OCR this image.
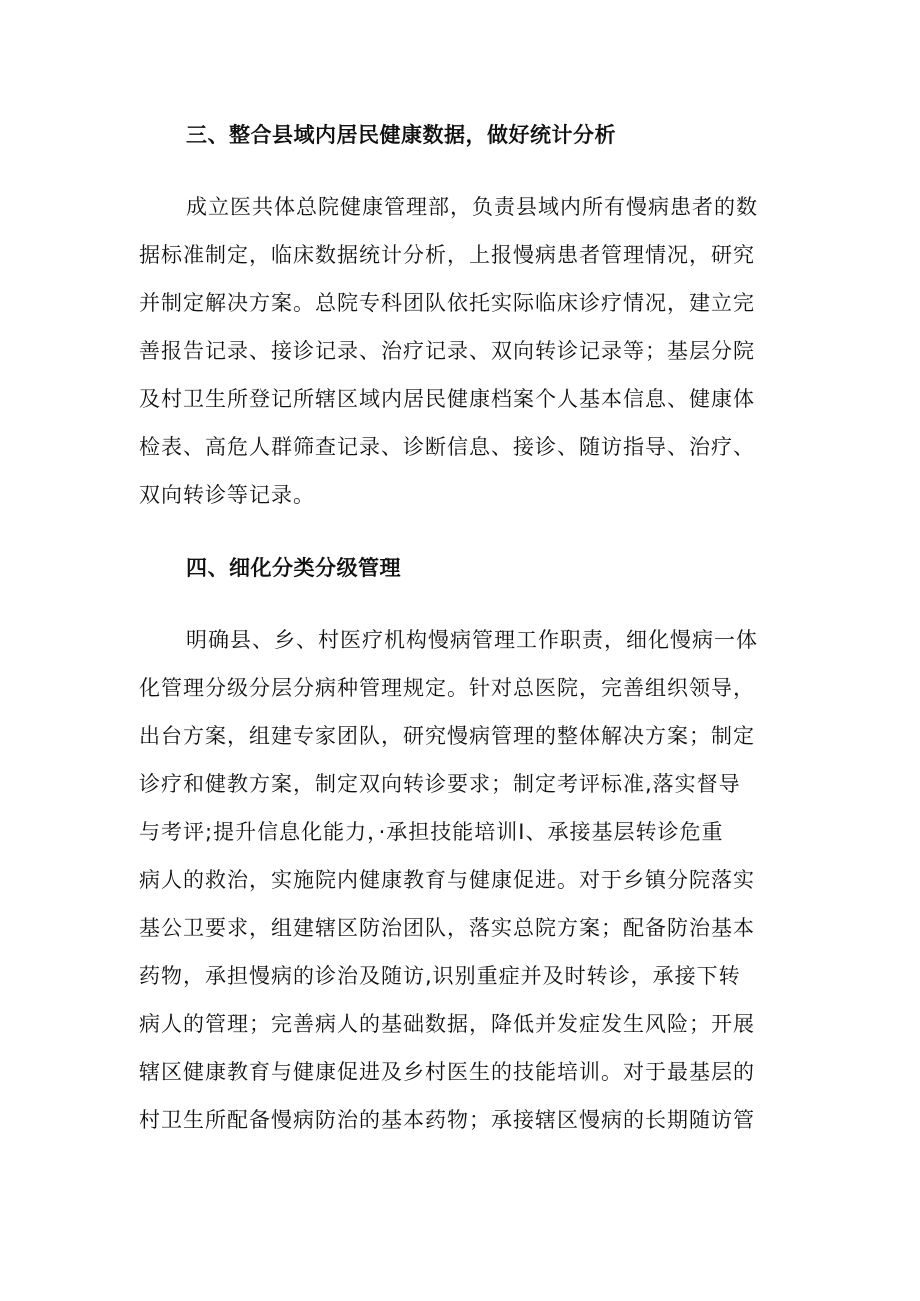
三、整合县域内居民健康数据，做好统计分析

成立医共体总院健康管理部，负责县域内所有慢病患者的数

据标准制定，临床数据统计分析，上报慢病患者管理情况，研究

并制定解决方案。总院专科团队依托实际临床诊疗情况，建立完

善报告记录、接诊记录、治疗记录、双向转诊记录等；基层分院

及村卫生所登记所辖区域内居民健康档案个人基本信息、健康体

检表、高危人群筛查记录、诊断信息、接诊、随访指导、治疗、

双向转诊等记录。

四、细化分类分级管理

明确县、乡、村医疗机构慢病管理工作职责，细化慢病一体

化管理分级分层分病种管理规定。针对总医院，完善组织领导，

出台方案，组建专家团队，研究慢病管理的整体解决方案；制定

诊疗和健教方案，制定双向转诊要求；制定考评标准,落实督导

与考评;提升信息化能力，·承担技能培训I、承接基层转诊危重

病人的救治，实施院内健康教育与健康促进。对于乡镇分院落实

基公卫要求，组建辖区防治团队，落实总院方案；配备防治基本

药物，承担慢病的诊治及随访,识别重症并及时转诊，承接下转

病人的管理；完善病人的基础数据，降低并发症发生风险；开展

辖区健康教育与健康促进及乡村医生的技能培训。对于最基层的

村卫生所配备慢病防治的基本药物；承接辖区慢病的长期随访管
